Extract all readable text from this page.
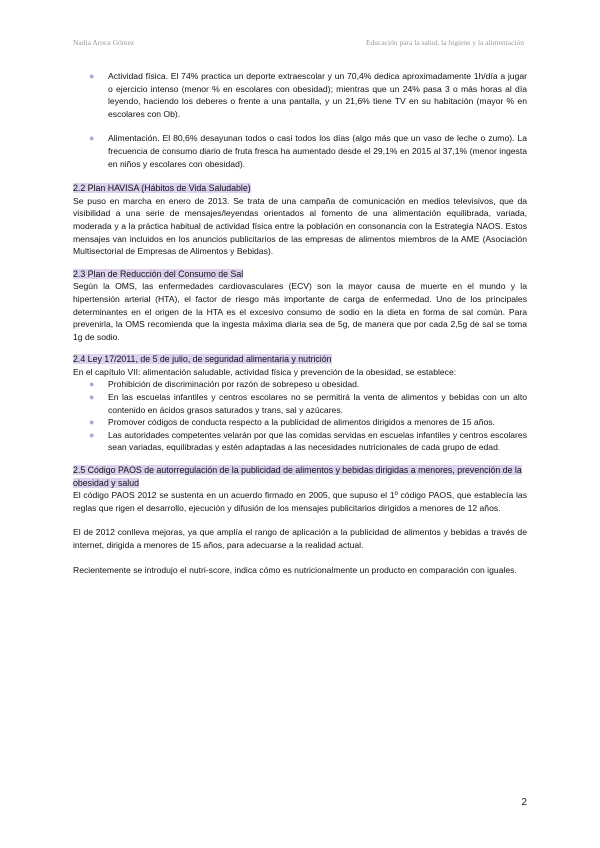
Nadia Aroca Gómez	Educación para la salud, la higiene y la alimentación
● Actividad física. El 74% practica un deporte extraescolar y un 70,4% dedica aproximadamente 1h/día a jugar o ejercicio intenso (menor % en escolares con obesidad); mientras que un 24% pasa 3 o más horas al día leyendo, haciendo los deberes o frente a una pantalla, y un 21,6% tiene TV en su habitación (mayor % en escolares con Ob).
● Alimentación. El 80,6% desayunan todos o casi todos los días (algo más que un vaso de leche o zumo). La frecuencia de consumo diario de fruta fresca ha aumentado desde el 29,1% en 2015 al 37,1% (menor ingesta en niños y escolares con obesidad).
2.2 Plan HAVISA (Hábitos de Vida Saludable)

Se puso en marcha en enero de 2013. Se trata de una campaña de comunicación en medios televisivos, que da visibilidad a una serie de mensajes/leyendas orientados al fomento de una alimentación equilibrada, variada, moderada y a la práctica habitual de actividad física entre la población en consonancia con la Estrategia NAOS. Estos mensajes van incluidos en los anuncios publicitarios de las empresas de alimentos miembros de la AME (Asociación Multisectorial de Empresas de Alimentos y Bebidas).

2.3 Plan de Reducción del Consumo de Sal

Según la OMS, las enfermedades cardiovasculares (ECV) son la mayor causa de muerte en el mundo y la hipertensión arterial (HTA), el factor de riesgo más importante de carga de enfermedad. Uno de los principales determinantes en el origen de la HTA es el excesivo consumo de sodio en la dieta en forma de sal común. Para prevenirla, la OMS recomienda que la ingesta máxima diaria sea de 5g, de manera que por cada 2,5g de sal se toma 1g de sodio.

2.4 Ley 17/2011, de 5 de julio, de seguridad alimentaria y nutrición

En el capítulo VII: alimentación saludable, actividad física y prevención de la obesidad, se establece:

● Prohibición de discriminación por razón de sobrepeso u obesidad.
● En las escuelas infantiles y centros escolares no se permitirá la venta de alimentos y bebidas con un alto contenido en ácidos grasos saturados y trans, sal y azúcares.
● Promover códigos de conducta respecto a la publicidad de alimentos dirigidos a menores de 15 años.
● Las autoridades competentes velarán por que las comidas servidas en escuelas infantiles y centros escolares sean variadas, equilibradas y estén adaptadas a las necesidades nutricionales de cada grupo de edad.
2.5 Código PAOS de autorregulación de la publicidad de alimentos y bebidas dirigidas a menores, prevención de la obesidad y salud

El código PAOS 2012 se sustenta en un acuerdo firmado en 2005, que supuso el 1º código PAOS, que establecía las reglas que rigen el desarrollo, ejecución y difusión de los mensajes publicitarios dirigidos a menores de 12 años.

El de 2012 conlleva mejoras, ya que amplía el rango de aplicación a la publicidad de alimentos y bebidas a través de internet, dirigida a menores de 15 años, para adecuarse a la realidad actual.

Recientemente se introdujo el nutri-score, indica cómo es nutricionalmente un producto en comparación con iguales.

2
